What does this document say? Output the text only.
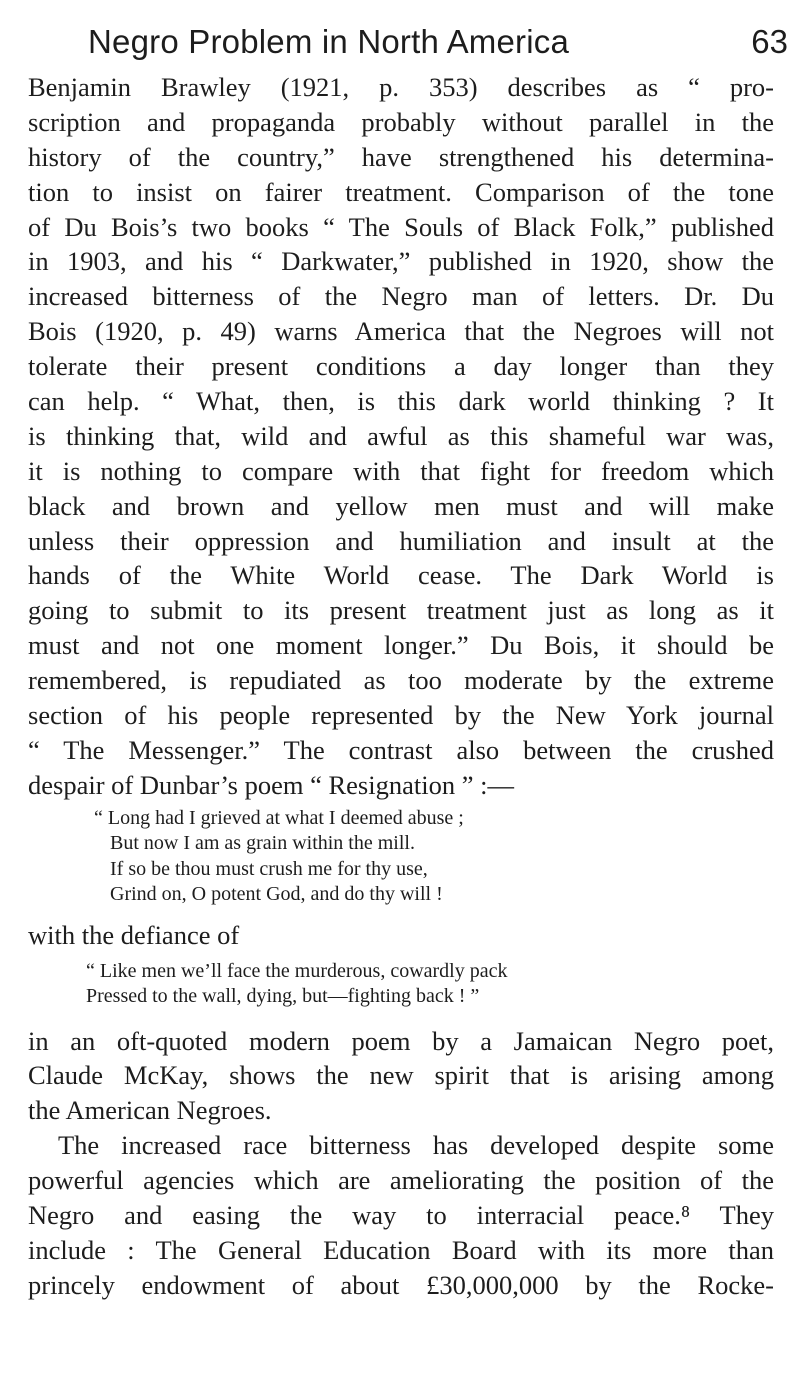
Negro Problem in North America	63
Benjamin Brawley (1921, p. 353) describes as “ pro-
scription and propaganda probably without parallel in the
history of the country,” have strengthened his determina-
tion to insist on fairer treatment. Comparison of the tone
of Du Bois’s two books “ The Souls of Black Folk,” published
in 1903, and his “ Darkwater,” published in 1920, show the
increased bitterness of the Negro man of letters. Dr. Du
Bois (1920, p. 49) warns America that the Negroes will not
tolerate their present conditions a day longer than they
can help. “ What, then, is this dark world thinking ? It
is thinking that, wild and awful as this shameful war was,
it is nothing to compare with that fight for freedom which
black and brown and yellow men must and will make
unless their oppression and humiliation and insult at the
hands of the White World cease. The Dark World is
going to submit to its present treatment just as long as it
must and not one moment longer.” Du Bois, it should be
remembered, is repudiated as too moderate by the extreme
section of his people represented by the New York journal
“ The Messenger.” The contrast also between the crushed
despair of Dunbar’s poem “ Resignation ” :—
“ Long had I grieved at what I deemed abuse ;
But now I am as grain within the mill.
If so be thou must crush me for thy use,
Grind on, O potent God, and do thy will !
with the defiance of
“ Like men we’ll face the murderous, cowardly pack
Pressed to the wall, dying, but—fighting back ! ”
in an oft-quoted modern poem by a Jamaican Negro poet,
Claude McKay, shows the new spirit that is arising among
the American Negroes.
The increased race bitterness has developed despite some
powerful agencies which are ameliorating the position of the
Negro and easing the way to interracial peace.⁸ They
include : The General Education Board with its more than
princely endowment of about £30,000,000 by the Rocke-
